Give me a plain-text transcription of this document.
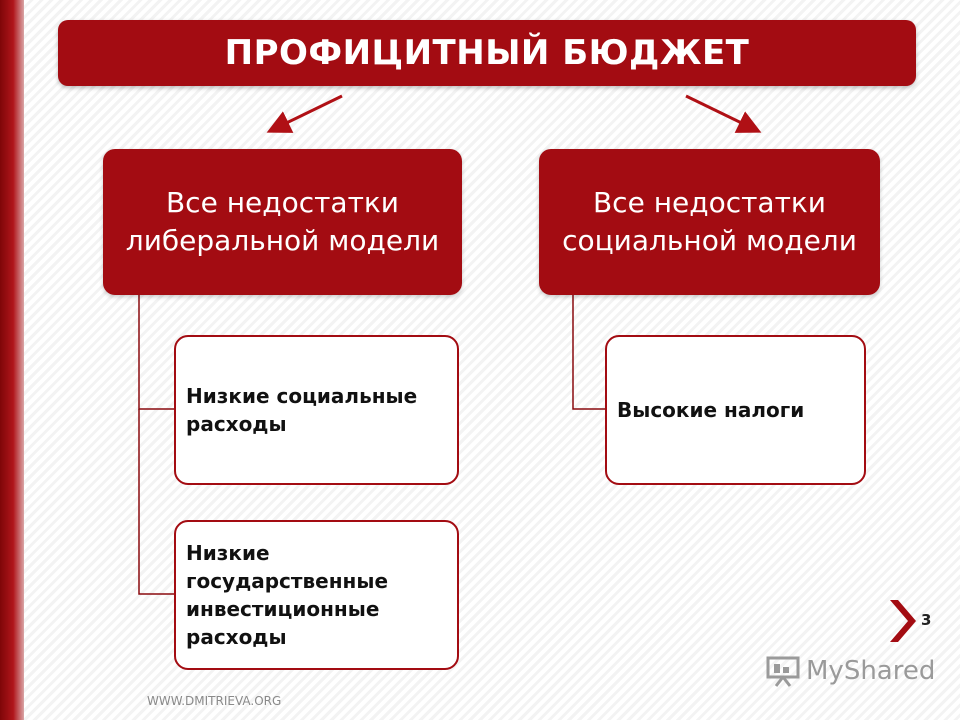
ПРОФИЦИТНЫЙ БЮДЖЕТ
Все недостатки либеральной модели
Все недостатки социальной модели
Низкие социальные расходы
Низкие государственные инвестиционные расходы
Высокие налоги
WWW.DMITRIEVA.ORG
3
MyShared
